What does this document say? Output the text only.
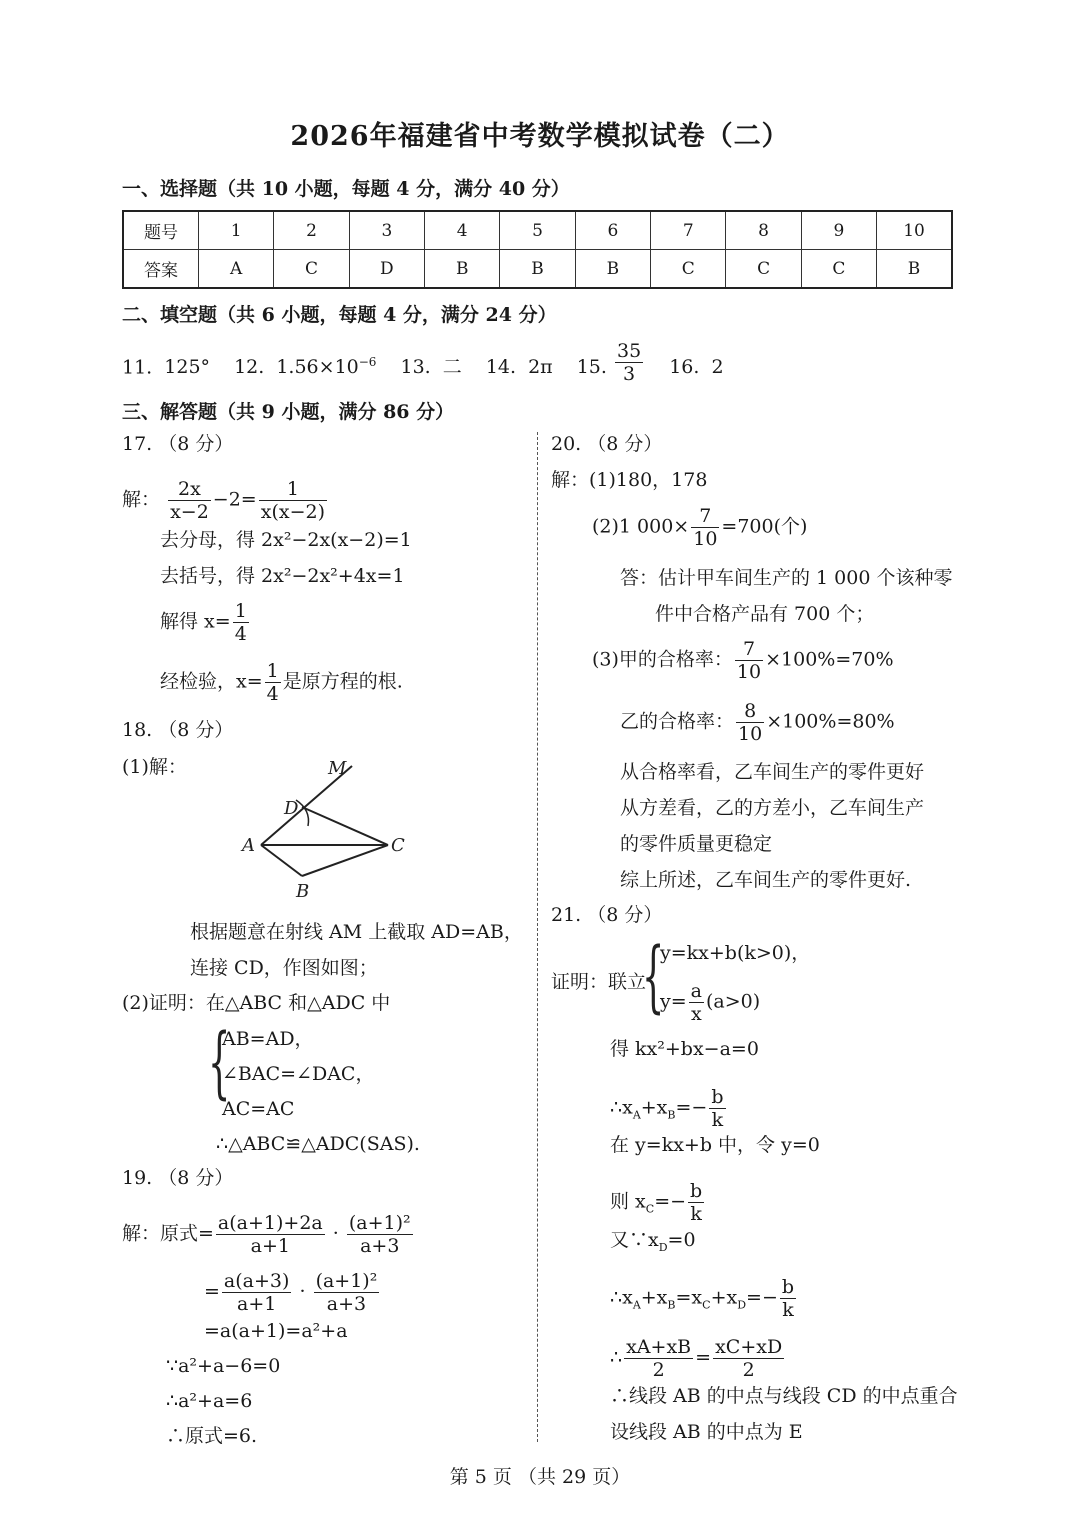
2026年福建省中考数学模拟试卷（二）
一、选择题（共 10 小题，每题 4 分，满分 40 分）
题号	1	2	3	4	5	6	7	8	9	10
答案	A	C	D	B	B	B	C	C	C	B
二、填空题（共 6 小题，每题 4 分，满分 24 分）
11. 125° 12. $1.56\times 10^{-6}$ 13. 二 14. 2π 15. $\frac{35}{3} 16$. 2
三、解答题（共 9 小题，满分 86 分）
17. （8 分）
解： $\frac{2x}{x-2} -2= \frac{1}{x(x-2)}$
去分母，得 2x²−2x(x−2)=1
去括号，得 2x²−2x²+4x=1
解得 $x= \frac{1}{4}$
经检验，$x= \frac{1}{4}$ 是原方程的根.
18. （8 分）
(1)解：	M
D
A	C
B
根据题意在射线 AM 上截取 AD=AB，
连接 CD，作图如图；
(2)证明：在△ABC 和△ADC 中
{
AB=AD，
∠BAC=∠DAC，
AC=AC
∴△ABC≌△ADC(SAS).
19. （8 分）
解：原式= $\frac{a(a+1)+2a}{a+1} \cdot \frac{\text{(a+1)²}}{a+3}$
= $\frac{a(a+3)}{a+1} \cdot \frac{\text{(a+1)²}}{a+3}$
=a(a+1)=a²+a
∵a²+a−6=0
∴a²+a=6
∴原式=6.
20. （8 分）
解：(1)180，178
(2)1 $000\times \frac{7}{10} =700$(个)
答：估计甲车间生产的 1 000 个该种零
件中合格产品有 700 个；
(3)甲的合格率： $\frac{7}{10} \times 100\%=70\%$
乙的合格率： $\frac{8}{10} \times 100\%=80\%$
从合格率看，乙车间生产的零件更好
从方差看，乙的方差小，乙车间生产
的零件质量更稳定
综上所述，乙车间生产的零件更好.
21. （8 分）
证明：联立
{
y=kx+b(k>0)，
$y= \frac{a}{x} (a>0)$
得 kx²+bx−a=0
$\therefore x_A+x_B=- \frac{b}{k}$
在 y=kx+b 中，令 y=0
则 $x_C=- \frac{b}{k}$
又$\because x_D=0$
$\therefore x_A+x_B=x_C+x_D=- \frac{b}{k}$
∴ $\frac{xA+xB}{2} = \frac{xC+xD}{2}$
∴线段 AB 的中点与线段 CD 的中点重合
设线段 AB 的中点为 E
第 5 页 （共 29 页）
